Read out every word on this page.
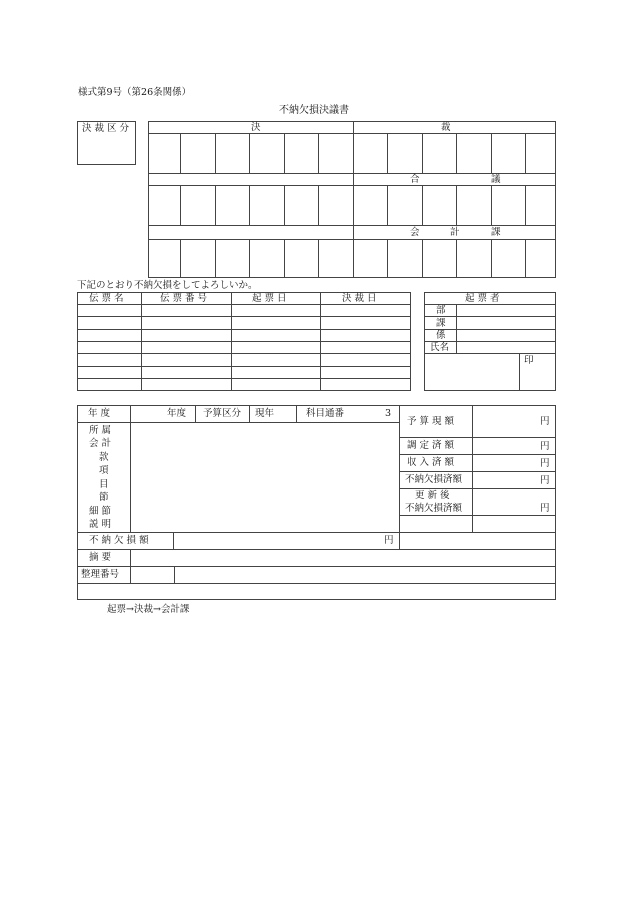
様式第9号（第26条関係）
不納欠損決議書
決 裁 区 分	決	裁
合	議
会	計	課
下記のとおり不納欠損をしてよろしいか。
伝 票 名	伝 票 番 号	起 票 日	決 裁 日	起 票 者
部
課
係
氏名
印
年 度	年度 予算区分 現年	科目通番	3
所 属
会 計
款
項
目
節
細 節
説 明
予 算 現 額	円
調 定 済 額	円
収 入 済 額	円
不納欠損済額	円
更 新 後
不納欠損済額	円
不 納 欠 損 額	円
摘 要
整理番号
起票→決裁→会計課
